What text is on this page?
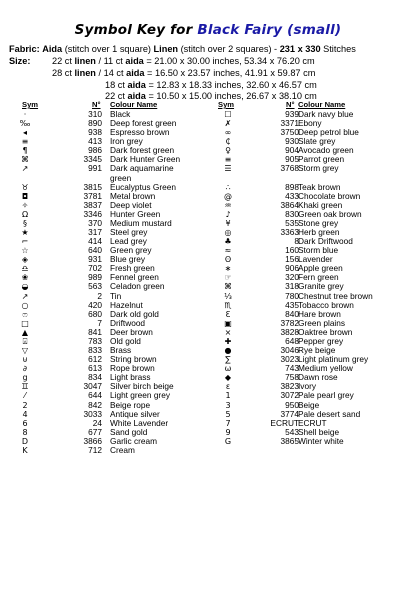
Symbol Key for Black Fairy (small)
Fabric: Aida (stitch over 1 square) Linen (stitch over 2 squares) - 231 x 330 Stitches
Size: 22 ct linen / 11 ct aida = 21.00 x 30.00 inches, 53.34 x 76.20 cm
28 ct linen / 14 ct aida = 16.50 x 23.57 inches, 41.91 x 59.87 cm
18 ct aida = 12.83 x 18.33 inches, 32.60 x 46.57 cm
22 ct aida = 10.50 x 15.00 inches, 26.67 x 38.10 cm
Sym	N° Colour Name	Sym	N° Colour Name
·	310 Black
‰	890 Deep forest green
◂	938 Espresso brown
≡	413 Iron grey
¶	986 Dark forest green
⌘	3345 Dark Hunter Green
↗	991 Dark aquamarine
green
♉	3815 Eucalyptus Green
◘	3781 Metal brown
✧	3837 Deep violet
Ω	3346 Hunter Green
§	370 Medium mustard
★	317 Steel grey
⌐	414 Lead grey
☆	640 Green grey
◈	931 Blue grey
♎	702 Fresh green
❀	989 Fennel green
◒	563 Celadon green
↗	2 Tin
○	420 Hazelnut
ෆ	680 Dark old gold
□	7 Driftwood
▲	841 Deer brown
⍓	783 Old gold
▽	833 Brass
⊍	612 String brown
∂	613 Rope brown
g	834 Light brass
♊	3047 Silver birch beige
⁄	644 Light green grey
2	842 Beige rope
4	3033 Antique silver
6	24 White Lavender
8	677 Sand gold
D	3866 Garlic cream
K	712 Cream
☐	939 Dark navy blue
✗	3371 Ebony
∞	3750 Deep petrol blue
₵	930 Slate grey
♀	904 Avocado green
≡	905 Parrot green
☰	3768 Storm grey
∴	898 Teak brown
@	433 Chocolate brown
♒	3864 Khaki green
♪	830 Green oak brown
¥	535 Stone grey
◎	3363 Herb green
♣	8 Dark Driftwood
≈	160 Storm blue
ʘ	156 Lavender
∗	906 Apple green
☞	320 Fern green
⌘	318 Granite grey
⅓	780 Chestnut tree brown
♏	435 Tobacco brown
Ɛ	840 Hare brown
▣	3782 Green plains
⨯	3828 Oaktree brown
✚	648 Pepper grey
●	3046 Rye beige
∑	3023 Light platinum grey
ω	743 Medium yellow
◆	758 Dawn rose
ɛ	3823 Ivory
1	3072 Pale pearl grey
3	950 Beige
5	3774 Pale desert sand
7	ECRUT ECRUT
9	543 Shell beige
G	3865 Winter white
